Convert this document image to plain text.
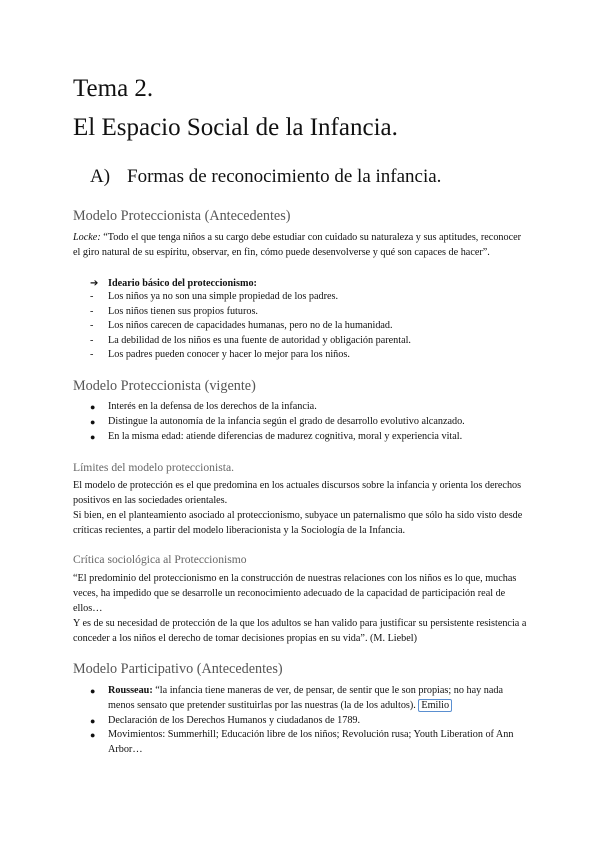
Tema 2.
El Espacio Social de la Infancia.
A) Formas de reconocimiento de la infancia.
Modelo Proteccionista (Antecedentes)

Locke: “Todo el que tenga niños a su cargo debe estudiar con cuidado su naturaleza y sus aptitudes, reconocer el giro natural de su espíritu, observar, en fin, cómo puede desenvolverse y qué son capaces de hacer”.

➔ Ideario básico del proteccionismo:
- Los niños ya no son una simple propiedad de los padres.
- Los niños tienen sus propios futuros.
- Los niños carecen de capacidades humanas, pero no de la humanidad.
- La debilidad de los niños es una fuente de autoridad y obligación parental.
- Los padres pueden conocer y hacer lo mejor para los niños.
Modelo Proteccionista (vigente)
● Interés en la defensa de los derechos de la infancia.
● Distingue la autonomía de la infancia según el grado de desarrollo evolutivo alcanzado.
● En la misma edad: atiende diferencias de madurez cognitiva, moral y experiencia vital.
Límites del modelo proteccionista.

El modelo de protección es el que predomina en los actuales discursos sobre la infancia y orienta los derechos positivos en las sociedades orientales.

Si bien, en el planteamiento asociado al proteccionismo, subyace un paternalismo que sólo ha sido visto desde críticas recientes, a partir del modelo liberacionista y la Sociología de la Infancia.

Crítica sociológica al Proteccionismo

“El predominio del proteccionismo en la construcción de nuestras relaciones con los niños es lo que, muchas veces, ha impedido que se desarrolle un reconocimiento adecuado de la capacidad de participación real de ellos…

Y es de su necesidad de protección de la que los adultos se han valido para justificar su persistente resistencia a conceder a los niños el derecho de tomar decisiones propias en su vida”. (M. Liebel)

Modelo Participativo (Antecedentes)
● Rousseau: “la infancia tiene maneras de ver, de pensar, de sentir que le son propias; no hay nada menos sensato que pretender sustituirlas por las nuestras (la de los adultos). Emilio
● Declaración de los Derechos Humanos y ciudadanos de 1789.
● Movimientos: Summerhill; Educación libre de los niños; Revolución rusa; Youth Liberation of Ann Arbor…
